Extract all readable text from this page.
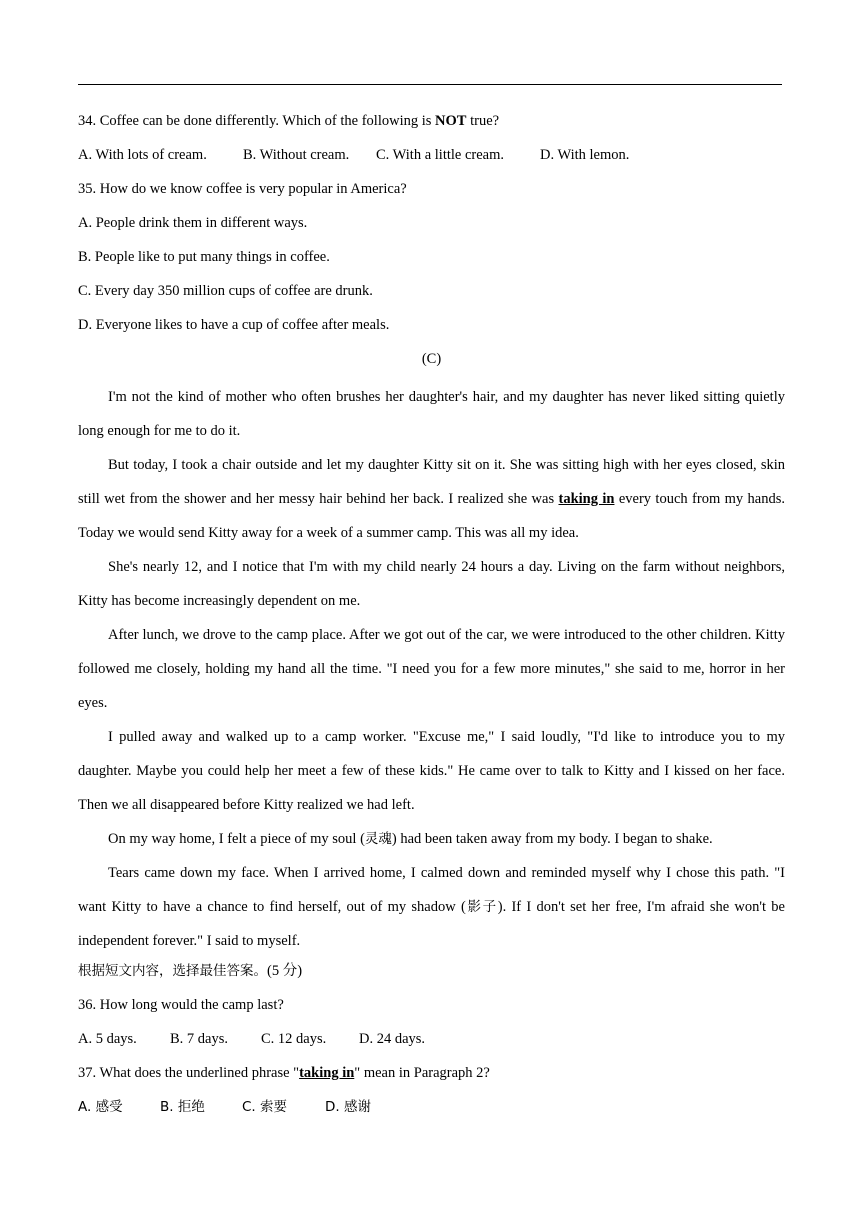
34. Coffee can be done differently. Which of the following is NOT true?
A. With lots of cream. B. Without cream. C. With a little cream. D. With lemon.
35. How do we know coffee is very popular in America?
A. People drink them in different ways.
B. People like to put many things in coffee.
C. Every day 350 million cups of coffee are drunk.
D. Everyone likes to have a cup of coffee after meals.
(C)

I'm not the kind of mother who often brushes her daughter's hair, and my daughter has never liked sitting quietly long enough for me to do it.

But today, I took a chair outside and let my daughter Kitty sit on it. She was sitting high with her eyes closed, skin still wet from the shower and her messy hair behind her back. I realized she was taking in every touch from my hands. Today we would send Kitty away for a week of a summer camp. This was all my idea.

She's nearly 12, and I notice that I'm with my child nearly 24 hours a day. Living on the farm without neighbors, Kitty has become increasingly dependent on me.

After lunch, we drove to the camp place. After we got out of the car, we were introduced to the other children. Kitty followed me closely, holding my hand all the time. "I need you for a few more minutes," she said to me, horror in her eyes.

I pulled away and walked up to a camp worker. "Excuse me," I said loudly, "I'd like to introduce you to my daughter. Maybe you could help her meet a few of these kids." He came over to talk to Kitty and I kissed on her face. Then we all disappeared before Kitty realized we had left.

On my way home, I felt a piece of my soul (灵魂) had been taken away from my body. I began to shake.

Tears came down my face. When I arrived home, I calmed down and reminded myself why I chose this path. "I want Kitty to have a chance to find herself, out of my shadow (影子). If I don't set her free, I'm afraid she won't be independent forever." I said to myself.

根据短文内容，选择最佳答案。(5 分)
36. How long would the camp last?
A. 5 days. B. 7 days. C. 12 days. D. 24 days.
37. What does the underlined phrase "taking in" mean in Paragraph 2?
A. 感受	B. 拒绝	C. 索要	D. 感谢
